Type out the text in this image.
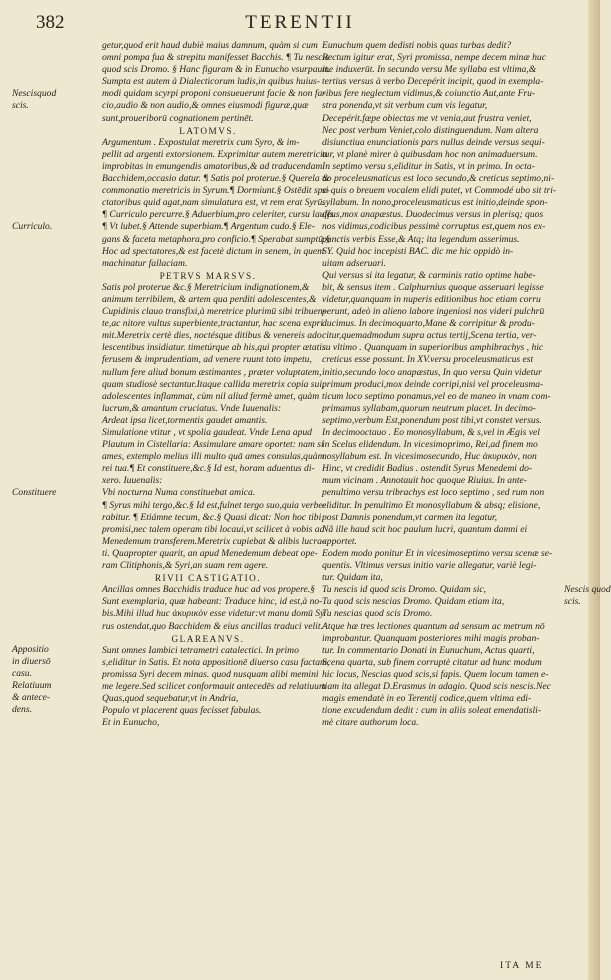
382	TERENTII
getur,quod erit haud dubiè maius damnum, quàm si cum
omni pompa fua & strepitu manifesset Bacchis. ¶ Tu nescis
quod scis Dromo. § Hanc figuram & in Eunucho vsurpauit.
Sumpta est autem à Dialecticorum ludis,in quibus huius-
modi quidam scyrpi proponi consueuerunt facie & non fa-
cio,audio & non audio,& omnes eiusmodi figuræ,quæ
sunt,proueriborū cognationem pertinēt.
LATOMVS.
Argumentum . Expostulat meretrix cum Syro, & im-
pellit ad argenti extorsionem. Exprimitur autem meretricia
improbitas in emungendis amatoribus,& ad traducendam
Bacchidem,occasio datur. ¶ Satis pol proterue.§ Querela &
commonatio meretricis in Syrum.¶ Dormiunt.§ Ostēdit spe-
ctatoribus quid agat,nam simulatura est, vt rem erat Syrū.
¶ Curriculo percurre.§ Aduerbium,pro celeriter, cursu lauffs.
¶ Vt lubet.§ Attende superbiam.¶ Argentum cudo.§ Ele-
gans & faceta metaphora,pro conficio.¶ Sperabat sumptū.§
Hoc ad spectatores,& est facetè dictum in senem, in quem
machinatur fallaciam.
PETRVS MARSVS.
Satis pol proterue &c.§ Meretricium indignationem,&
animum terribilem, & artem qua perditi adolescentes,&
Cupidinis clauo transfixi,à meretrice plurimū sibi tribuen-
te,ac nitore vultus superbiente,tractantur, hac scena expri
mit.Meretrix certè dies, noctésque ditibus & venereis ado
lescentibus insidiatur. timetúrque ab his,qui propter ætatis
ferusem & imprudentiam, ad venere ruunt toto impetu,
nullum fere aliud bonum æstimantes , præter voluptatem,
quam studiosè sectantur.Itaque callida meretrix copia sui,
adolescentes inflammat, cùm nil aliud fermè amet, quàm
lucrum,& amantum cruciatus. Vnde Iuuenalis:
Ardeat ipsa licet,tormentis gaudet amantis.
Simulatione vtitur , vt spolia gaudeat. Vnde Lena apud
Plautum in Cistellaria: Assimulare amare oportet: nam si
ames, extemplo melius illi multo quā ames consulas,quàm
rei tua.¶ Et constituere,&c.§ Id est, horam aduentus di-
xero. Iuuenalis:
Vbi nocturna Numa constituebat amica.
¶ Syrus mihi tergo,&c.§ Id est,fulnet tergo suo,quia verbe-
rabitur. ¶ Etiámne tecum, &c.§ Quasi dicat: Non hoc tibi
promisi,nec talem operam tibi locaui,vt scilicet à vobis ad
Menedemum transferem.Meretrix cupiebat & alibis lucra-
ti. Quapropter quarit, an apud Menedemum debeat ope-
ram Clitiphonis,& Syri,an suam rem agere.
RIVII CASTIGATIO.
Ancillas omnes Bacchidis traduce huc ad vos propere.§
Sunt exemplaria, quæ habeant: Traduce hinc, id est,à no-
bis.Mihi illud huc ἀκυρικὸν esse videtur:vt manu domū Sy
rus ostendat,quo Bacchidem & eius ancillas traduci velit.
GLAREANVS.
Sunt omnes Iambici tetrametri catalectici. In primo
s,eliditur in Satis. Et nota appositionē diuerso casu factam,
promissa Syri decem minas. quod nusquam alibi memini
me legere.Sed scilicet conformauit antecedēs ad relatiuum
Quas,quod sequebatur,vt in Andria,
Populo vt placerent quas fecisset fabulas.
Et in Eunucho,
Eunuchum quem dedisti nobis quas turbas dedit?
Rectum igitur erat, Syri promissa, nempe decem minæ huc
me induxerūt. In secundo versu Me syllaba est vltima,&
tertius versus à verbo Decepérit incipit, quod in exempla-
ribus fere neglectum vidimus,& coiunctio Aut,ante Fru-
stra ponenda,vt sit verbum cum vis legatur,
Decepérit.fæpe obiectas me vt venia,aut frustra veniet,
Nec post verbum Veniet,colo distinguendum. Nam altera
disiunctiua enunciationis pars nullus deinde versus sequi-
tur, vt planè mirer à quibusdam hoc non animaduersum.
In septimo versu s,eliditur in Satis, vt in primo. In octa-
uo proceleusmaticus est loco secundo,& creticus septimo,ni-
si quis o breuem vocalem elidi putet, vt Commodé ubo sit tri-
syllabum. In nono,proceleusmaticus est initio,deinde spon-
deus,mox anapæstus. Duodecimus versus in plerisq; quos
nos vidimus,codicibus pessimè corruptus est,quem nos ex-
punctis verbis Esse,& Atq; ita legendum asserimus.
SY. Quid hoc incepisti BAC. dic me hic oppidò in-
uitam adseruari.
Qui versus si ita legatur, & carminis ratio optime habe-
bit, & sensus item . Calphurnius quoque asseruari legisse
videtur,quanquam in nuperis editionibus hoc etiam corru
perunt, adeò in alieno labore ingeniosi nos videri pulchrū
ducimus. In decimoquarto,Mane & corripitur & produ-
citur,quemadmodum supra actus tertij,Scena tertia, ver-
su vltimo . Quanquam in superioribus amphibrachys , hic
creticus esse possunt. In XV.versu proceleusmaticus est
initio,secundo loco anapæstus, In quo versu Quin videtur
primum produci,mox deinde corripi,nisi vel proceleusma-
ticum loco septimo ponamus,vel eo de maneo in vnam com-
primamus syllabam,quorum neutrum placet. In decimo-
septimo,verbum Est,ponendum post tibi,vt constet versus.
In decimooctauo . Eo monosyllabum, & s,vel in Ægis vel
in Scelus elidendum. In vicesimoprimo, Rei,ad finem mo
nosyllabum est. In vicesimosecundo, Huc ἀκυρικὸν, non
Hinc, vt credidit Badius . ostendit Syrus Menedemi do-
mum vicinam . Annotauit hoc quoque Riuius. In ante-
penultimo versu tribrachys est loco septimo , sed rum non
eliditur. In penultimo Et monosyllabum & absq; elisione,
post Damnis ponendum,vt carmen ita legatur,
Nã ille haud scit hoc paulum lucri, quantum damni ei
apportet.
Eodem modo ponitur Et in vicesimoseptimo versu scenæ se-
quentis. Vltimus versus initio varie allegatur, variè legi-
tur. Quidam ita,
Tu nescis id quod scis Dromo. Quidam sic,
Tu quod scis nescias Dromo. Quidam etiam ita,
Tu nescias quod scis Dromo.
Atque hæ tres lectiones quantum ad sensum ac metrum nō
improbantur. Quanquam posteriores mihi magis proban-
tur. In commentario Donati in Eunuchum, Actus quarti,
Scena quarta, sub finem corruptè citatur ad hunc modum
hic locus, Nescias quod scis,si fapis. Quem locum tamen e-
tiam ita allegat D.Erasmus in adagio. Quod scis nescis.Nec
magis emendatè in eo Terentij codice,quem vltima edi-
tione excudendum dedit : cum in aliis soleat emendatisli-
mè citare authorum loca.
Nescisquod
scis.
Curriculo.
Constituere
Appositio
in diuersō
casu.
Relatiuum
& antece-
dens.
Nescis quod
scis.
ITA ME
